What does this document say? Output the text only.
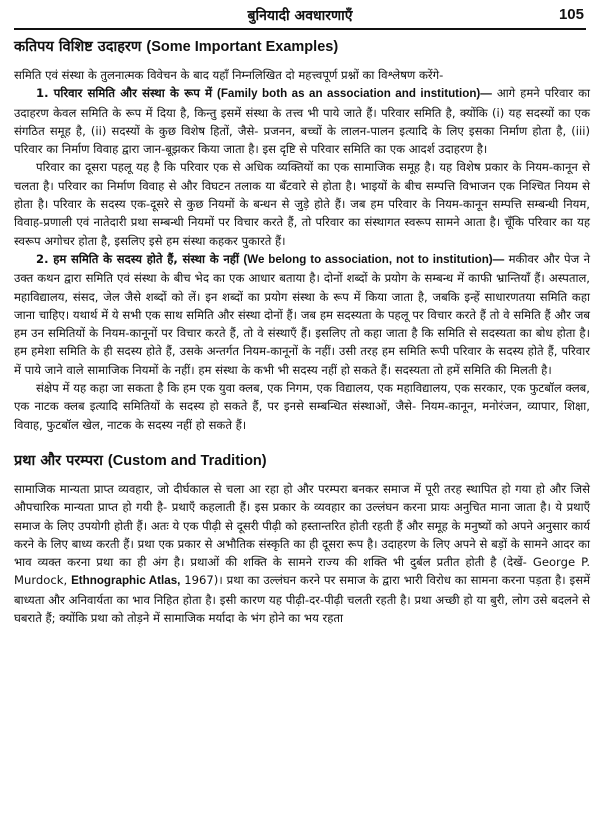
बुनियादी अवधारणाएँ	105
कतिपय विशिष्ट उदाहरण (Some Important Examples)

समिति एवं संस्था के तुलनात्मक विवेचन के बाद यहाँ निम्नलिखित दो महत्त्वपूर्ण प्रश्नों का विश्लेषण करेंगे-

1. परिवार समिति और संस्था के रूप में (Family both as an association and institution)— आगे हमने परिवार का उदाहरण केवल समिति के रूप में दिया है, किन्तु इसमें संस्था के तत्त्व भी पाये जाते हैं। परिवार समिति है, क्योंकि (i) यह सदस्यों का एक संगठित समूह है, (ii) सदस्यों के कुछ विशेष हितों, जैसे- प्रजनन, बच्चों के लालन-पालन इत्यादि के लिए इसका निर्माण होता है, (iii) परिवार का निर्माण विवाह द्वारा जान-बूझकर किया जाता है। इस दृष्टि से परिवार समिति का एक आदर्श उदाहरण है।

परिवार का दूसरा पहलू यह है कि परिवार एक से अधिक व्यक्तियों का एक सामाजिक समूह है। यह विशेष प्रकार के नियम-कानून से चलता है। परिवार का निर्माण विवाह से और विघटन तलाक या बँटवारे से होता है। भाइयों के बीच सम्पत्ति विभाजन एक निश्चित नियम से होता है। परिवार के सदस्य एक-दूसरे से कुछ नियमों के बन्धन से जुड़े होते हैं। जब हम परिवार के नियम-कानून सम्पत्ति सम्बन्धी नियम, विवाह-प्रणाली एवं नातेदारी प्रथा सम्बन्धी नियमों पर विचार करते हैं, तो परिवार का संस्थागत स्वरूप सामने आता है। चूँकि परिवार का यह स्वरूप अगोचर होता है, इसलिए इसे हम संस्था कहकर पुकारते हैं।

2. हम समिति के सदस्य होते हैं, संस्था के नहीं (We belong to association, not to institution)— मकीवर और पेज ने उक्त कथन द्वारा समिति एवं संस्था के बीच भेद का एक आधार बताया है। दोनों शब्दों के प्रयोग के सम्बन्ध में काफी भ्रान्तियाँ हैं। अस्पताल, महाविद्यालय, संसद, जेल जैसे शब्दों को लें। इन शब्दों का प्रयोग संस्था के रूप में किया जाता है, जबकि इन्हें साधारणतया समिति कहा जाना चाहिए। यथार्थ में ये सभी एक साथ समिति और संस्था दोनों हैं। जब हम सदस्यता के पहलू पर विचार करते हैं तो वे समिति हैं और जब हम उन समितियों के नियम-कानूनों पर विचार करते हैं, तो वे संस्थाएँ हैं। इसलिए तो कहा जाता है कि समिति से सदस्यता का बोध होता है। हम हमेशा समिति के ही सदस्य होते हैं, उसके अन्तर्गत नियम-कानूनों के नहीं। उसी तरह हम समिति रूपी परिवार के सदस्य होते हैं, परिवार में पाये जाने वाले सामाजिक नियमों के नहीं। हम संस्था के कभी भी सदस्य नहीं हो सकते हैं। सदस्यता तो हमें समिति की मिलती है।

संक्षेप में यह कहा जा सकता है कि हम एक युवा क्लब, एक निगम, एक विद्यालय, एक महाविद्यालय, एक सरकार, एक फुटबॉल क्लब, एक नाटक क्लब इत्यादि समितियों के सदस्य हो सकते हैं, पर इनसे सम्बन्धित संस्थाओं, जैसे- नियम-कानून, मनोरंजन, व्यापार, शिक्षा, विवाह, फुटबॉल खेल, नाटक के सदस्य नहीं हो सकते हैं।

प्रथा और परम्परा (Custom and Tradition)

सामाजिक मान्यता प्राप्त व्यवहार, जो दीर्घकाल से चला आ रहा हो और परम्परा बनकर समाज में पूरी तरह स्थापित हो गया हो और जिसे औपचारिक मान्यता प्राप्त हो गयी है- प्रथाएँ कहलाती हैं। इस प्रकार के व्यवहार का उल्लंघन करना प्रायः अनुचित माना जाता है। ये प्रथाएँ समाज के लिए उपयोगी होती हैं। अतः ये एक पीढ़ी से दूसरी पीढ़ी को हस्तान्तरित होती रहती हैं और समूह के मनुष्यों को अपने अनुसार कार्य करने के लिए बाध्य करती हैं। प्रथा एक प्रकार से अभौतिक संस्कृति का ही दूसरा रूप है। उदाहरण के लिए अपने से बड़ों के सामने आदर का भाव व्यक्त करना प्रथा का ही अंग है। प्रथाओं की शक्ति के सामने राज्य की शक्ति भी दुर्बल प्रतीत होती है (देखें- George P. Murdock, Ethnographic Atlas, 1967)। प्रथा का उल्लंघन करने पर समाज के द्वारा भारी विरोध का सामना करना पड़ता है। इसमें बाध्यता और अनिवार्यता का भाव निहित होता है। इसी कारण यह पीढ़ी-दर-पीढ़ी चलती रहती है। प्रथा अच्छी हो या बुरी, लोग उसे बदलने से घबराते हैं; क्योंकि प्रथा को तोड़ने में सामाजिक मर्यादा के भंग होने का भय रहता
